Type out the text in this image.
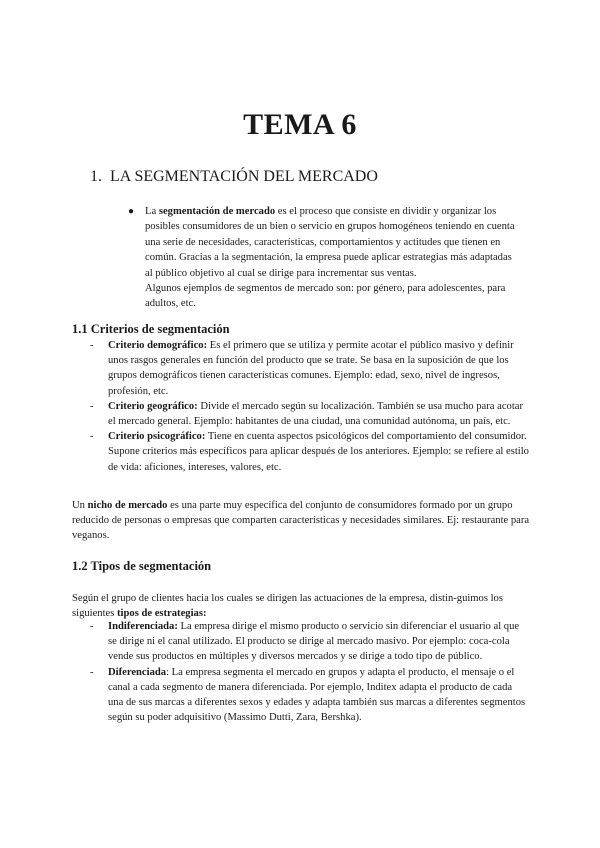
TEMA 6
1. LA SEGMENTACIÓN DEL MERCADO
● La segmentación de mercado es el proceso que consiste en dividir y organizar los posibles consumidores de un bien o servicio en grupos homogéneos teniendo en cuenta una serie de necesidades, características, comportamientos y actitudes que tienen en común. Gracias a la segmentación, la empresa puede aplicar estrategias más adaptadas al público objetivo al cual se dirige para incrementar sus ventas.
Algunos ejemplos de segmentos de mercado son: por género, para adolescentes, para adultos, etc.
1.1 Criterios de segmentación
- Criterio demográfico: Es el primero que se utiliza y permite acotar el público masivo y definir unos rasgos generales en función del producto que se trate. Se basa en la suposición de que los grupos demográficos tienen características comunes. Ejemplo: edad, sexo, nivel de ingresos, profesión, etc.
- Criterio geográfico: Divide el mercado según su localización. También se usa mucho para acotar el mercado general. Ejemplo: habitantes de una ciudad, una comunidad autónoma, un país, etc.
- Criterio psicográfico: Tiene en cuenta aspectos psicológicos del comportamiento del consumidor. Supone criterios más específicos para aplicar después de los anteriores. Ejemplo: se refiere al estilo de vida: aficiones, intereses, valores, etc.
Un nicho de mercado es una parte muy específica del conjunto de consumidores formado por un grupo reducido de personas o empresas que comparten características y necesidades similares. Ej: restaurante para veganos.
1.2 Tipos de segmentación
Según el grupo de clientes hacia los cuales se dirigen las actuaciones de la empresa, distin-guimos los siguientes tipos de estrategias:
- Indiferenciada: La empresa dirige el mismo producto o servicio sin diferenciar el usuario al que se dirige ni el canal utilizado. El producto se dirige al mercado masivo. Por ejemplo: coca-cola vende sus productos en múltiples y diversos mercados y se dirige a todo tipo de público.
- Diferenciada: La empresa segmenta el mercado en grupos y adapta el producto, el mensaje o el canal a cada segmento de manera diferenciada. Por ejemplo, Inditex adapta el producto de cada una de sus marcas a diferentes sexos y edades y adapta también sus marcas a diferentes segmentos según su poder adquisitivo (Massimo Dutti, Zara, Bershka).
